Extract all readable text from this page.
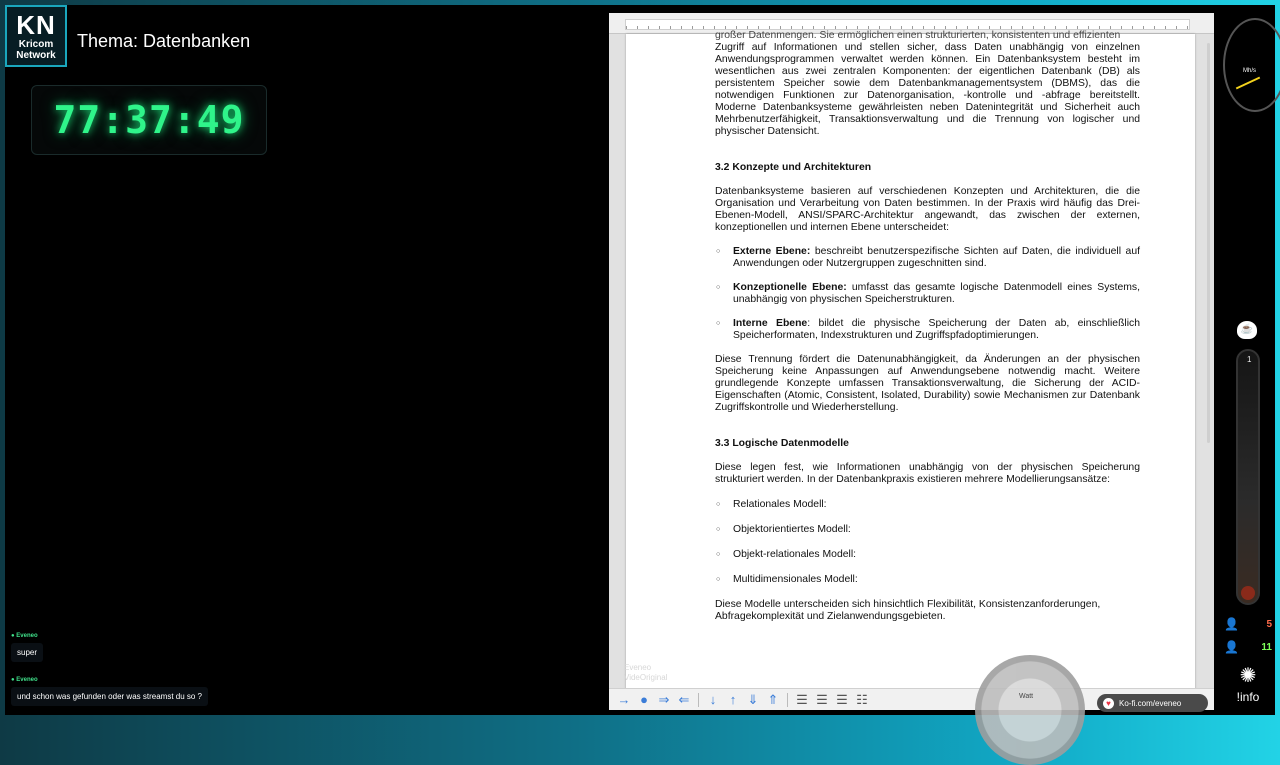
KN
Kricom
Network
Thema: Datenbanken
77:37:49
● Eveneo
super
● Eveneo
und schon was gefunden oder was streamst du so ?

großer Datenmengen. Sie ermöglichen einen strukturierten, konsistenten und effizienten

Zugriff auf Informationen und stellen sicher, dass Daten unabhängig von einzelnen Anwendungsprogrammen verwaltet werden können. Ein Datenbanksystem besteht im wesentlichen aus zwei zentralen Komponenten: der eigentlichen Datenbank (DB) als persistentem Speicher sowie dem Datenbankmanagementsystem (DBMS), das die notwendigen Funktionen zur Datenorganisation, -kontrolle und -abfrage bereitstellt. Moderne Datenbanksysteme gewährleisten neben Datenintegrität und Sicherheit auch Mehrbenutzerfähigkeit, Transaktionsverwaltung und die Trennung von logischer und physischer Datensicht.

3.2 Konzepte und Architekturen

Datenbanksysteme basieren auf verschiedenen Konzepten und Architekturen, die die Organisation und Verarbeitung von Daten bestimmen. In der Praxis wird häufig das Drei-Ebenen-Modell, ANSI/SPARC-Architektur angewandt, das zwischen der externen, konzeptionellen und internen Ebene unterscheidet:

○ Externe Ebene: beschreibt benutzerspezifische Sichten auf Daten, die individuell auf Anwendungen oder Nutzergruppen zugeschnitten sind.
○ Konzeptionelle Ebene: umfasst das gesamte logische Datenmodell eines Systems, unabhängig von physischen Speicherstrukturen.
○ Interne Ebene: bildet die physische Speicherung der Daten ab, einschließlich Speicherformaten, Indexstrukturen und Zugriffspfadoptimierungen.

Diese Trennung fördert die Datenunabhängigkeit, da Änderungen an der physischen Speicherung keine Anpassungen auf Anwendungsebene notwendig macht. Weitere grundlegende Konzepte umfassen Transaktionsverwaltung, die Sicherung der ACID-Eigenschaften (Atomic, Consistent, Isolated, Durability) sowie Mechanismen zur Datenbank Zugriffskontrolle und Wiederherstellung.

3.3 Logische Datenmodelle

Diese legen fest, wie Informationen unabhängig von der physischen Speicherung strukturiert werden. In der Datenbankpraxis existieren mehrere Modellierungsansätze:

○ Relationales Modell:
○ Objektorientiertes Modell:
○ Objekt-relationales Modell:
○ Multidimensionales Modell:

Diese Modelle unterscheiden sich hinsichtlich Flexibilität, Konsistenzanforderungen, Abfragekomplexität und Zielanwendungsgebieten.

Eveneo
VideOriginal
→ ● ⇒ ⇐	↓	↑ ⇓ ⇑ ☰ ☰ ☰ ☷	Watt
♥	Ko-fi.com/eveneo
Mh/s
☕
1
👤	5
👤 11
✺
!info
